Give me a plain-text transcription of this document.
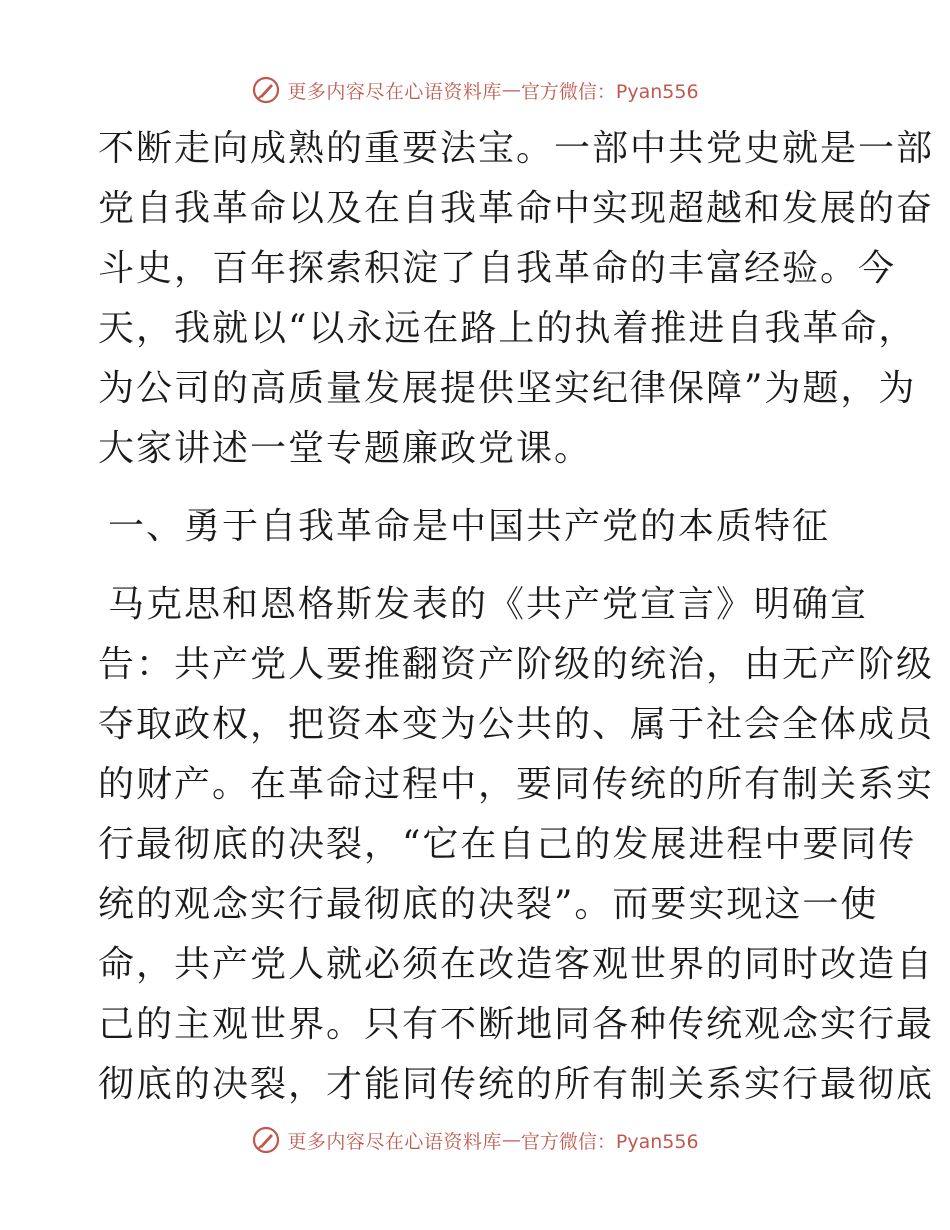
更多内容尽在心语资料库 — 官方微信：Pyan556
不断走向成熟的重要法宝。一部中共党史就是一部
党自我革命以及在自我革命中实现超越和发展的奋
斗史，百年探索积淀了自我革命的丰富经验。今
天，我就以“以永远在路上的执着推进自我革命，
为公司的高质量发展提供坚实纪律保障”为题，为
大家讲述一堂专题廉政党课。
一、勇于自我革命是中国共产党的本质特征
马克思和恩格斯发表的《共产党宣言》明确宣
告：共产党人要推翻资产阶级的统治，由无产阶级
夺取政权，把资本变为公共的、属于社会全体成员
的财产。在革命过程中，要同传统的所有制关系实
行最彻底的决裂，“它在自己的发展进程中要同传
统的观念实行最彻底的决裂”。而要实现这一使
命，共产党人就必须在改造客观世界的同时改造自
己的主观世界。只有不断地同各种传统观念实行最
彻底的决裂，才能同传统的所有制关系实行最彻底
更多内容尽在心语资料库 — 官方微信：Pyan556
